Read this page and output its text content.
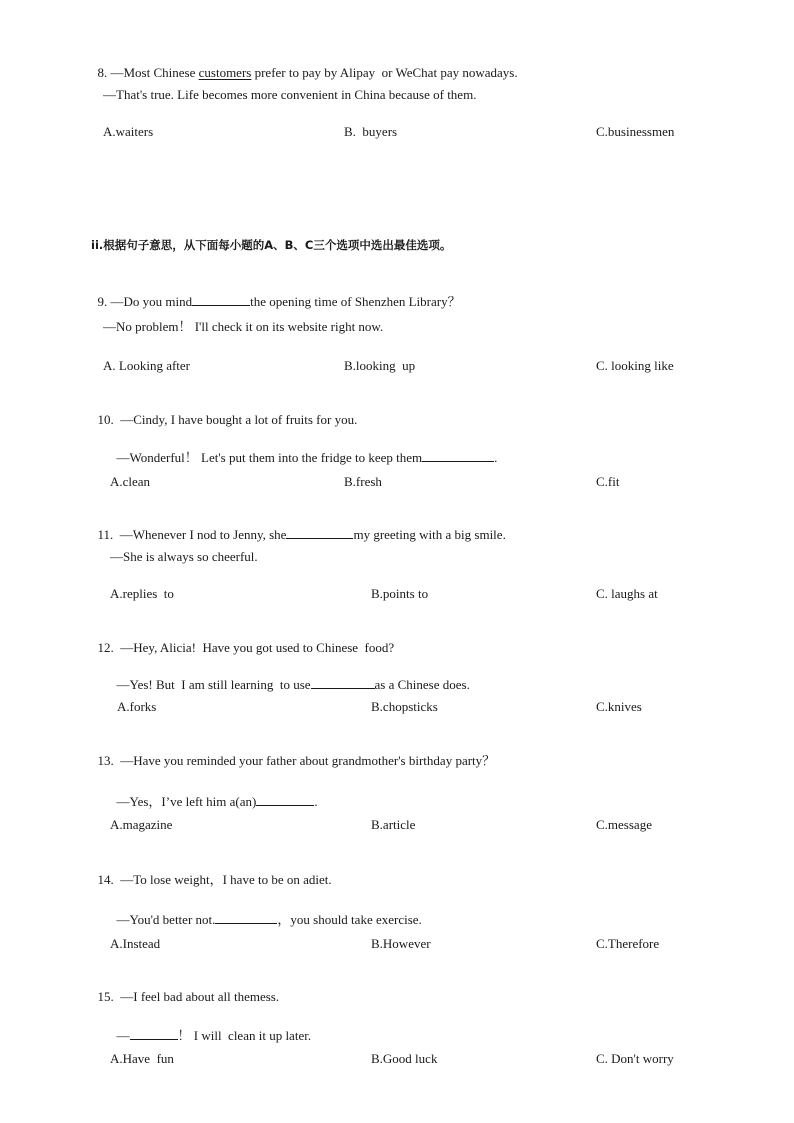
8. —Most Chinese customers prefer to pay by Alipay  or WeChat pay nowadays.

—That's true. Life becomes more convenient in China because of them.
A.waiters	B.  buyers	C.businessmen
ii.根据句子意思，从下面每小题的A、B、C三个选项中选出最佳选项。

9. —Do you mind	the opening time of Shenzhen Library？

—No problem！ I'll check it on its website right now.
A. Looking after	B.looking  up	C. looking like

10. —Cindy, I have bought a lot of fruits for you.

—Wonderful！ Let's put them into the fridge to keep them	.

A.clean	B.fresh	C.fit

11. —Whenever I nod to Jenny, she	my greeting with a big smile.

—She is always so cheerful.
A.replies  to	B.points to	C. laughs at

12. —Hey, Alicia!  Have you got used to Chinese  food?

—Yes! But  I am still learning  to use	as a Chinese does.

A.forks	B.chopsticks	C.knives

13. —Have you reminded your father about grandmother's birthday party？

—Yes，I’ve left him a(an)	.

A.magazine	B.article	C.message

14. —To lose weight，I have to be on adiet.

—You'd better not.	，you should take exercise.

A.Instead	B.However	C.Therefore

15. —I feel bad about all themess.

—	！ I will  clean it up later.

A.Have  fun	B.Good luck	C. Don't worry
